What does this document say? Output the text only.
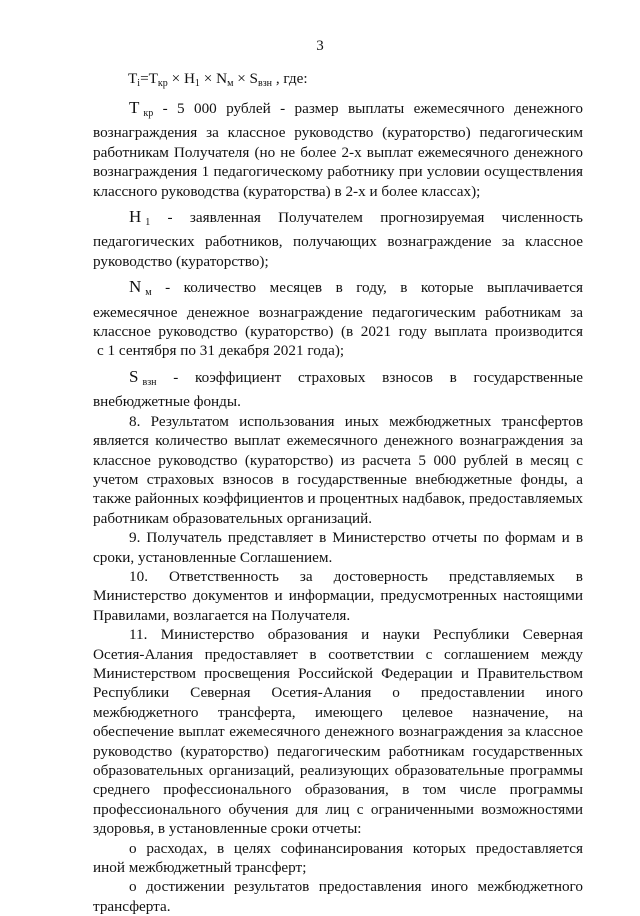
3
$T_i=T_{кр} \times H_1 \times N_м \times S_{взн}$ , где:
T $_{кр}$ - 5 000 рублей - размер выплаты ежемесячного денежного
вознаграждения за классное руководство (кураторство) педагогическим
работникам Получателя (но не более 2-х выплат ежемесячного денежного
вознаграждения 1 педагогическому работнику при условии осуществления
классного руководства (кураторства) в 2-х и более классах);
H $_1$ - заявленная Получателем прогнозируемая численность
педагогических работников, получающих вознаграждение за классное
руководство (кураторство);
N $_м$ - количество месяцев в году, в которые выплачивается
ежемесячное денежное вознаграждение педагогическим работникам за
классное руководство (кураторство) (в 2021 году выплата производится
с 1 сентября по 31 декабря 2021 года);
S $_{взн}$ - коэффициент страховых взносов в государственные
внебюджетные фонды.
8. Результатом использования иных межбюджетных трансфертов
является количество выплат ежемесячного денежного вознаграждения за
классное руководство (кураторство) из расчета 5 000 рублей в месяц с
учетом страховых взносов в государственные внебюджетные фонды, а
также районных коэффициентов и процентных надбавок, предоставляемых
работникам образовательных организаций.
9. Получатель представляет в Министерство отчеты по формам и в
сроки, установленные Соглашением.
10. Ответственность за достоверность представляемых в
Министерство документов и информации, предусмотренных настоящими
Правилами, возлагается на Получателя.
11. Министерство образования и науки Республики Северная
Осетия-Алания предоставляет в соответствии с соглашением между
Министерством просвещения Российской Федерации и Правительством
Республики Северная Осетия-Алания о предоставлении иного
межбюджетного трансферта, имеющего целевое назначение, на
обеспечение выплат ежемесячного денежного вознаграждения за классное
руководство (кураторство) педагогическим работникам государственных
образовательных организаций, реализующих образовательные программы
среднего профессионального образования, в том числе программы
профессионального обучения для лиц с ограниченными возможностями
здоровья, в установленные сроки отчеты:
о расходах, в целях софинансирования которых предоставляется
иной межбюджетный трансферт;
о достижении результатов предоставления иного межбюджетного
трансферта.
